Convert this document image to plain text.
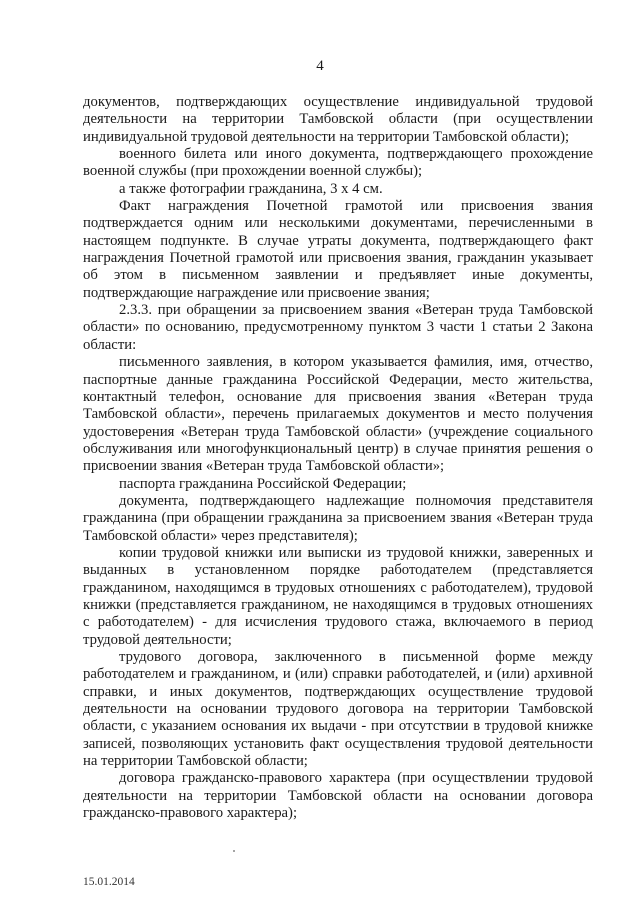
4

документов, подтверждающих осуществление индивидуальной трудовой деятельности на территории Тамбовской области (при осуществлении индивидуальной трудовой деятельности на территории Тамбовской области);

военного билета или иного документа, подтверждающего прохождение военной службы (при прохождении военной службы);

а также фотографии гражданина, 3 х 4 см.

Факт награждения Почетной грамотой или присвоения звания подтверждается одним или несколькими документами, перечисленными в настоящем подпункте. В случае утраты документа, подтверждающего факт награждения Почетной грамотой или присвоения звания, гражданин указывает об этом в письменном заявлении и предъявляет иные документы, подтверждающие награждение или присвоение звания;

2.3.3. при обращении за присвоением звания «Ветеран труда Тамбовской области» по основанию, предусмотренному пунктом 3 части 1 статьи 2 Закона области:

письменного заявления, в котором указывается фамилия, имя, отчество, паспортные данные гражданина Российской Федерации, место жительства, контактный телефон, основание для присвоения звания «Ветеран труда Тамбовской области», перечень прилагаемых документов и место получения удостоверения «Ветеран труда Тамбовской области» (учреждение социального обслуживания или многофункциональный центр) в случае принятия решения о присвоении звания «Ветеран труда Тамбовской области»;

паспорта гражданина Российской Федерации;

документа, подтверждающего надлежащие полномочия представителя гражданина (при обращении гражданина за присвоением звания «Ветеран труда Тамбовской области» через представителя);

копии трудовой книжки или выписки из трудовой книжки, заверенных и выданных в установленном порядке работодателем (представляется гражданином, находящимся в трудовых отношениях с работодателем), трудовой книжки (представляется гражданином, не находящимся в трудовых отношениях с работодателем) - для исчисления трудового стажа, включаемого в период трудовой деятельности;

трудового договора, заключенного в письменной форме между работодателем и гражданином, и (или) справки работодателей, и (или) архивной справки, и иных документов, подтверждающих осуществление трудовой деятельности на основании трудового договора на территории Тамбовской области, с указанием основания их выдачи - при отсутствии в трудовой книжке записей, позволяющих установить факт осуществления трудовой деятельности на территории Тамбовской области;

договора гражданско-правового характера (при осуществлении трудовой деятельности на территории Тамбовской области на основании договора гражданско-правового характера);

15.01.2014
